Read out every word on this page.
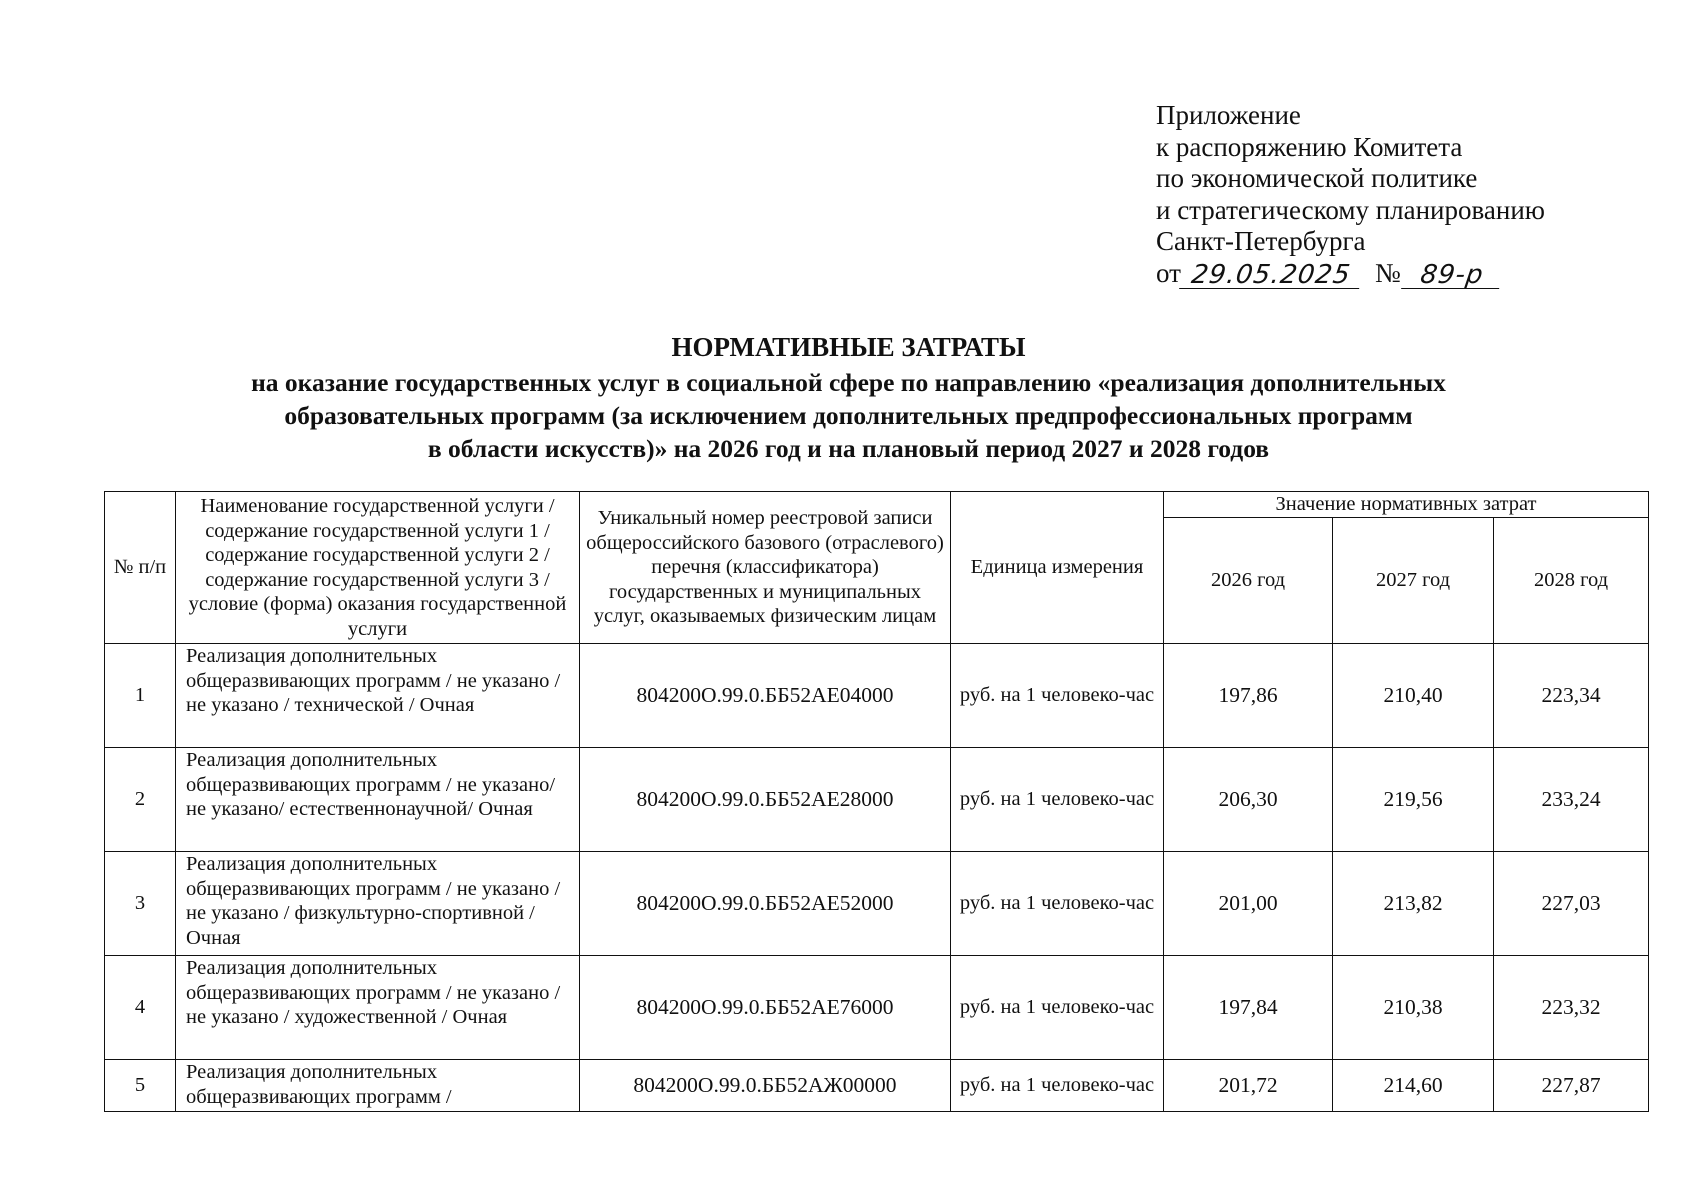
Приложение
к распоряжению Комитета
по экономической политике
и стратегическому планированию
Санкт-Петербурга
от 29.05.2025 № 89-р
НОРМАТИВНЫЕ ЗАТРАТЫ
на оказание государственных услуг в социальной сфере по направлению «реализация дополнительных
образовательных программ (за исключением дополнительных предпрофессиональных программ
в области искусств)» на 2026 год и на плановый период 2027 и 2028 годов
№ п/п	Наименование государственной услуги / содержание государственной услуги 1 / содержание государственной услуги 2 / содержание государственной услуги 3 / условие (форма) оказания государственной услуги	Уникальный номер реестровой записи общероссийского базового (отраслевого) перечня (классификатора) государственных и муниципальных услуг, оказываемых физическим лицам	Единица измерения	Значение нормативных затрат		
				2026 год	2027 год	2028 год
1	Реализация дополнительных общеразвивающих программ / не указано / не указано / технической / Очная	804200О.99.0.ББ52АЕ04000	руб. на 1 человеко-час	197,86	210,40	223,34
2	Реализация дополнительных общеразвивающих программ / не указано/ не указано/ естественнонаучной/ Очная	804200О.99.0.ББ52АЕ28000	руб. на 1 человеко-час	206,30	219,56	233,24
3	Реализация дополнительных общеразвивающих программ / не указано / не указано / физкультурно-спортивной / Очная	804200О.99.0.ББ52АЕ52000	руб. на 1 человеко-час	201,00	213,82	227,03
4	Реализация дополнительных общеразвивающих программ / не указано / не указано / художественной / Очная	804200О.99.0.ББ52АЕ76000	руб. на 1 человеко-час	197,84	210,38	223,32
5	Реализация дополнительных общеразвивающих программ /	804200О.99.0.ББ52АЖ00000	руб. на 1 человеко-час	201,72	214,60	227,87
